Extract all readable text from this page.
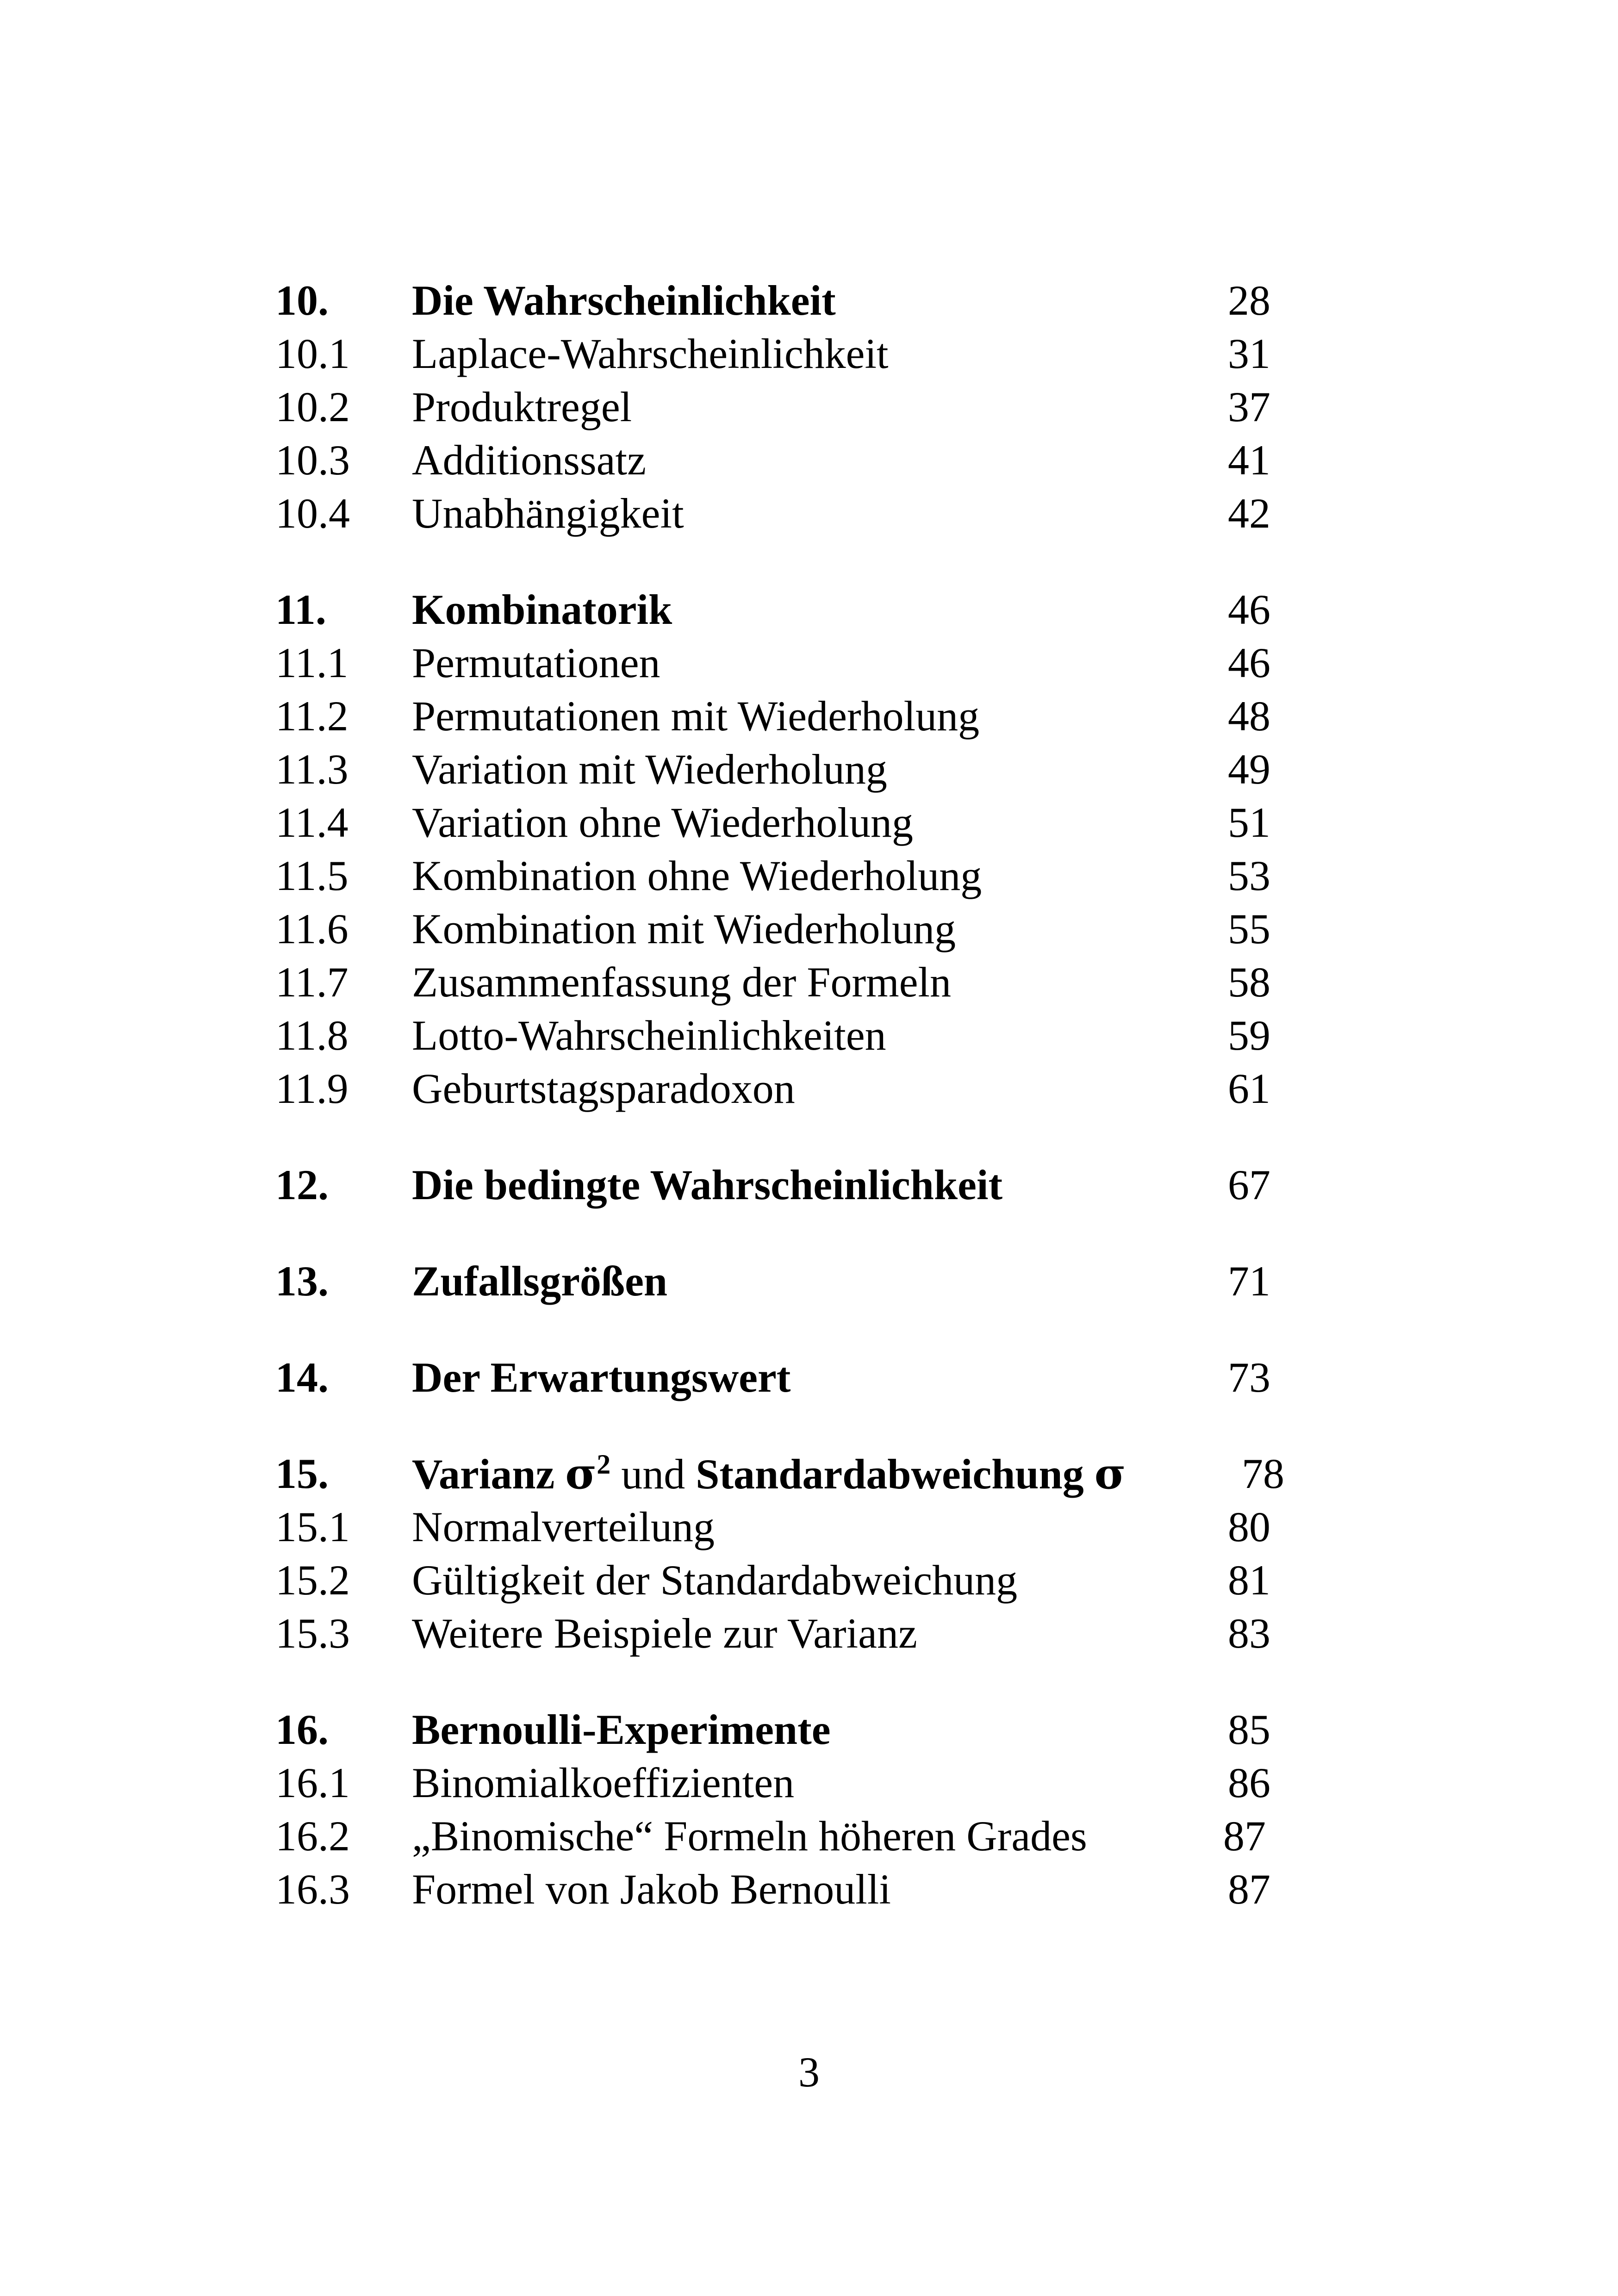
10. Die Wahrscheinlichkeit	28
10.1 Laplace-Wahrscheinlichkeit	31
10.2 Produktregel	37
10.3 Additionssatz	41
10.4 Unabhängigkeit	42
11. Kombinatorik	46
11.1 Permutationen	46
11.2 Permutationen mit Wiederholung	48
11.3 Variation mit Wiederholung	49
11.4 Variation ohne Wiederholung	51
11.5 Kombination ohne Wiederholung	53
11.6 Kombination mit Wiederholung	55
11.7 Zusammenfassung der Formeln	58
11.8 Lotto-Wahrscheinlichkeiten	59
11.9 Geburtstagsparadoxon	61
12. Die bedingte Wahrscheinlichkeit	67
13. Zufallsgrößen	71
14. Der Erwartungswert	73
15. Varianz $\sigma^2$ und Standardabweichung σ	78
15.1 Normalverteilung	80
15.2 Gültigkeit der Standardabweichung	81
15.3 Weitere Beispiele zur Varianz	83
16. Bernoulli-Experimente	85
16.1 Binomialkoeffizienten	86
16.2 „Binomische“ Formeln höheren Grades	87
16.3 Formel von Jakob Bernoulli	87
3
